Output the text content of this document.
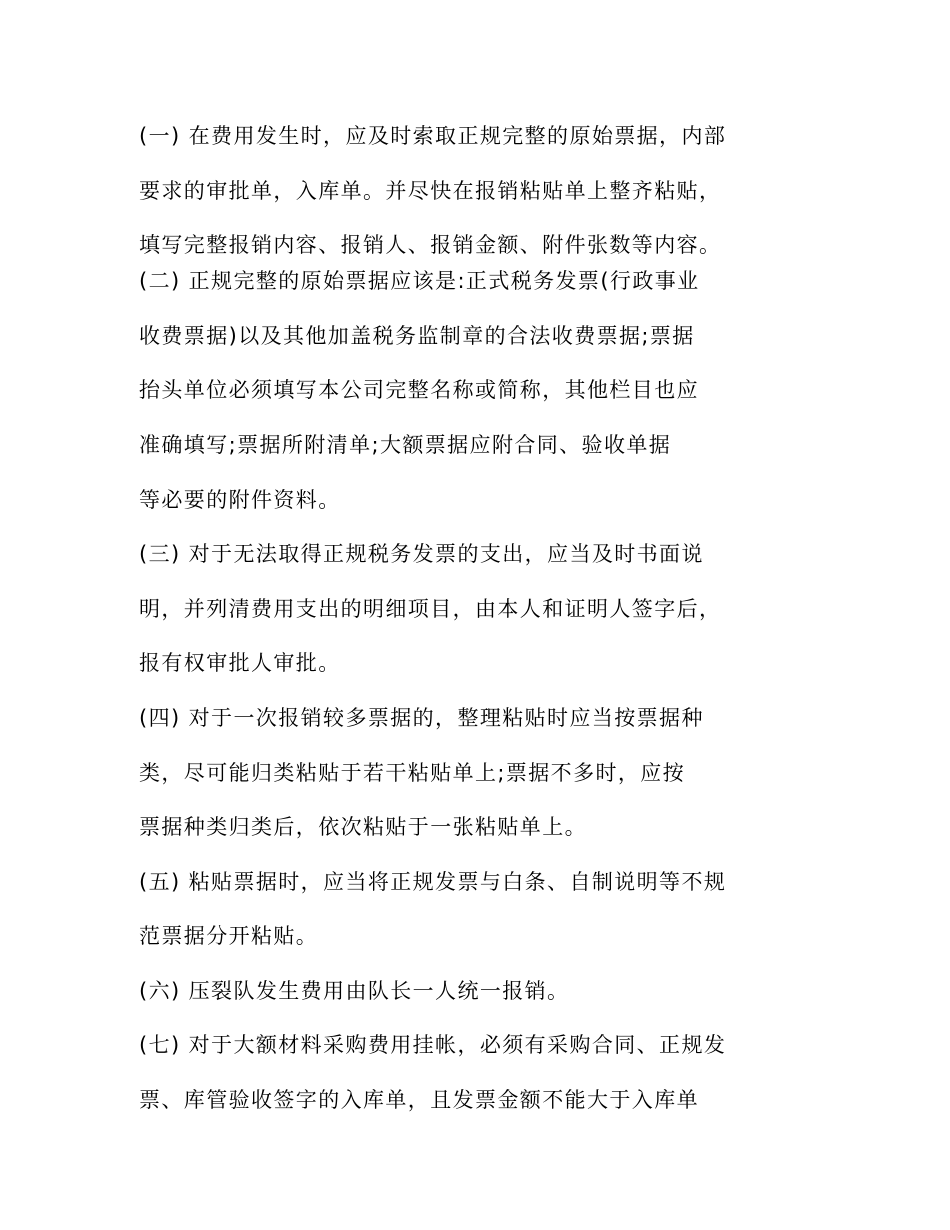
(一) 在费用发生时，应及时索取正规完整的原始票据，内部

要求的审批单，入库单。并尽快在报销粘贴单上整齐粘贴，

填写完整报销内容、报销人、报销金额、附件张数等内容。

(二) 正规完整的原始票据应该是:正式税务发票(行政事业

收费票据)以及其他加盖税务监制章的合法收费票据;票据

抬头单位必须填写本公司完整名称或简称，其他栏目也应

准确填写;票据所附清单;大额票据应附合同、验收单据

等必要的附件资料。

(三) 对于无法取得正规税务发票的支出，应当及时书面说

明，并列清费用支出的明细项目，由本人和证明人签字后，

报有权审批人审批。

(四) 对于一次报销较多票据的，整理粘贴时应当按票据种

类，尽可能归类粘贴于若干粘贴单上;票据不多时，应按

票据种类归类后，依次粘贴于一张粘贴单上。

(五) 粘贴票据时，应当将正规发票与白条、自制说明等不规

范票据分开粘贴。

(六) 压裂队发生费用由队长一人统一报销。

(七) 对于大额材料采购费用挂帐，必须有采购合同、正规发

票、库管验收签字的入库单，且发票金额不能大于入库单
